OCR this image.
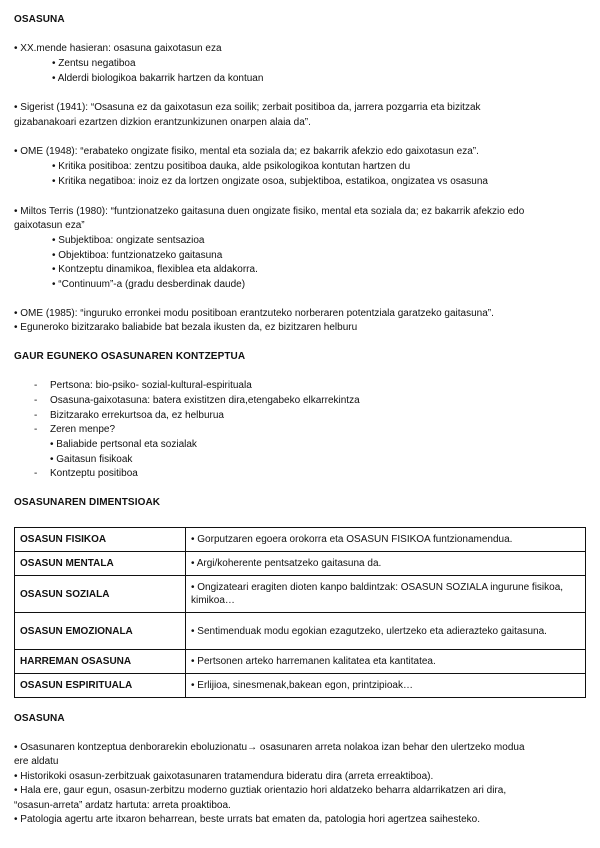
OSASUNA
• XX.mende hasieran: osasuna gaixotasun eza
• Zentsu negatiboa
• Alderdi biologikoa bakarrik hartzen da kontuan
• Sigerist (1941): “Osasuna ez da gaixotasun eza soilik; zerbait positiboa da, jarrera pozgarria eta bizitzak
gizabanakoari ezartzen dizkion erantzunkizunen onarpen alaia da”.
• OME (1948): “erabateko ongizate fisiko, mental eta soziala da; ez bakarrik afekzio edo gaixotasun eza”.
• Kritika positiboa: zentzu positiboa dauka, alde psikologikoa kontutan hartzen du
• Kritika negatiboa: inoiz ez da lortzen ongizate osoa, subjektiboa, estatikoa, ongizatea vs osasuna
• Miltos Terris (1980): “funtzionatzeko gaitasuna duen ongizate fisiko, mental eta soziala da; ez bakarrik afekzio edo
gaixotasun eza”
• Subjektiboa: ongizate sentsazioa
• Objektiboa: funtzionatzeko gaitasuna
• Kontzeptu dinamikoa, flexiblea eta aldakorra.
• “Continuum”-a (gradu desberdinak daude)
• OME (1985): “inguruko erronkei modu positiboan erantzuteko norberaren potentziala garatzeko gaitasuna”.
• Eguneroko bizitzarako baliabide bat bezala ikusten da, ez bizitzaren helburu
GAUR EGUNEKO OSASUNAREN KONTZEPTUA
- Pertsona: bio-psiko- sozial-kultural-espirituala
- Osasuna-gaixotasuna: batera existitzen dira,etengabeko elkarrekintza
- Bizitzarako errekurtsoa da, ez helburua
- Zeren menpe?
• Baliabide pertsonal eta sozialak
• Gaitasun fisikoak
- Kontzeptu positiboa
OSASUNAREN DIMENTSIOAK
OSASUN FISIKOA	• Gorputzaren egoera orokorra eta OSASUN FISIKOA funtzionamendua.
OSASUN MENTALA	• Argi/koherente pentsatzeko gaitasuna da.
OSASUN SOZIALA	• Ongizateari eragiten dioten kanpo baldintzak: OSASUN SOZIALA ingurune fisikoa, kimikoa…
OSASUN EMOZIONALA	• Sentimenduak modu egokian ezagutzeko, ulertzeko eta adierazteko gaitasuna.
HARREMAN OSASUNA	• Pertsonen arteko harremanen kalitatea eta kantitatea.
OSASUN ESPIRITUALA	• Erlijioa, sinesmenak,bakean egon, printzipioak…
OSASUNA
• Osasunaren kontzeptua denborarekin eboluzionatu→ osasunaren arreta nolakoa izan behar den ulertzeko modua
ere aldatu
• Historikoki osasun-zerbitzuak gaixotasunaren tratamendura bideratu dira (arreta erreaktiboa).
• Hala ere, gaur egun, osasun-zerbitzu moderno guztiak orientazio hori aldatzeko beharra aldarrikatzen ari dira,
“osasun-arreta” ardatz hartuta: arreta proaktiboa.
• Patologia agertu arte itxaron beharrean, beste urrats bat ematen da, patologia hori agertzea saihesteko.
